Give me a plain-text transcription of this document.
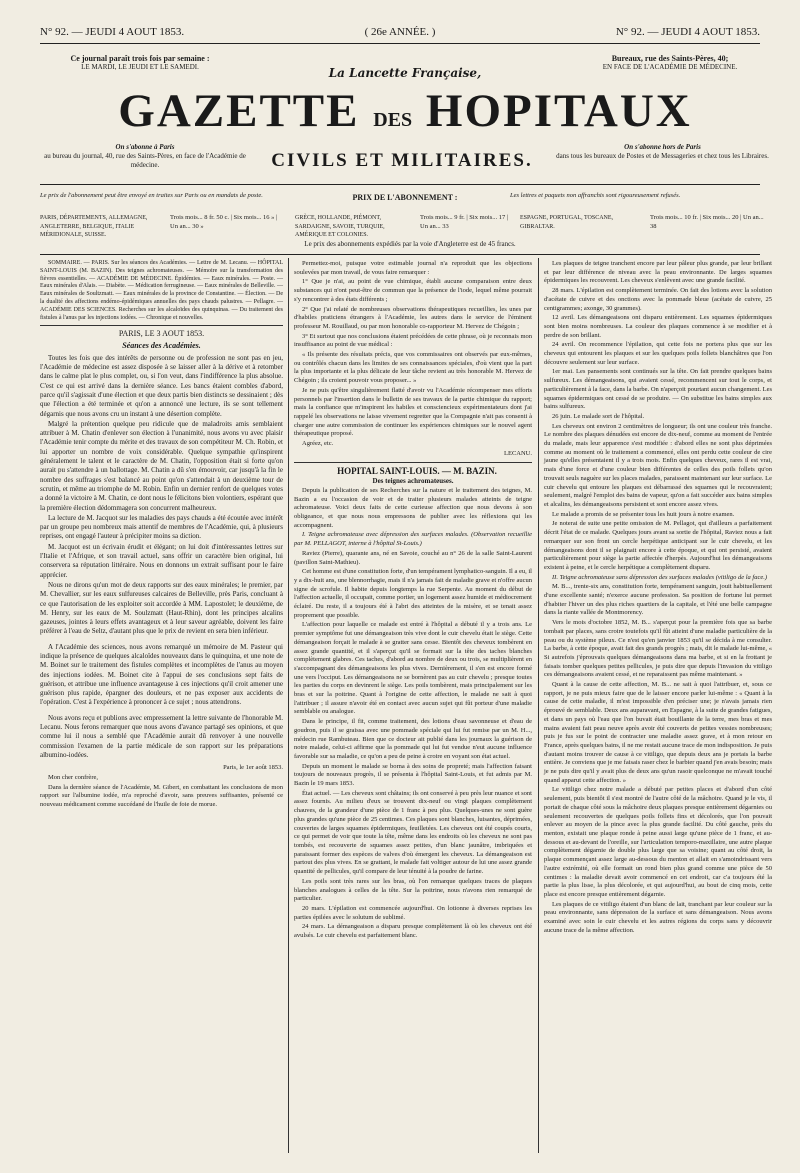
N° 92. — JEUDI 4 AOUT 1853.	( 26e ANNÉE. )	N° 92. — JEUDI 4 AOUT 1853.
Ce journal paraît trois fois par semaine :
LE MARDI, LE JEUDI ET LE SAMEDI.
Bureaux, rue des Saints-Pères, 40;
EN FACE DE L'ACADÉMIE DE MÉDECINE.
La Lancette Française,
GAZETTE DES HOPITAUX
CIVILS ET MILITAIRES.
On s'abonne à Paris
au bureau du journal, 40, rue des Saints-Pères, en face de l'Académie de médecine.
On s'abonne hors de Paris
dans tous les bureaux de Postes et de Messageries et chez tous les Libraires.
Le prix de l'abonnement peut être envoyé en traites sur Paris ou en mandats de poste.	PRIX DE L'ABONNEMENT :	Les lettres et paquets non affranchis sont rigoureusement refusés.
PARIS, DÉPARTEMENTS, ALLEMAGNE, ANGLETERRE, BELGIQUE, ITALIE MÉRIDIONALE, SUISSE.
Trois mois... 8 fr. 50 c. | Six mois... 16 » | Un an... 30 »
GRÈCE, HOLLANDE, PIÉMONT, SARDAIGNE, SAVOIE, TURQUIE, AMÉRIQUE ET COLONIES.
Trois mois... 9 fr. | Six mois... 17 | Un an... 33
ESPAGNE, PORTUGAL, TOSCANE, GIBRALTAR.
Trois mois... 10 fr. | Six mois... 20 | Un an... 38
Le prix des abonnements expédiés par la voie d'Angleterre est de 45 francs.

SOMMAIRE. — PARIS. Sur les séances des Académies. — Lettre de M. Lecanu. — HÔPITAL SAINT-LOUIS (M. BAZIN). Des teignes achromateuses. — Mémoire sur la transformation des fièvres essentielles. — ACADÉMIE DE MÉDECINE. Épidémies. — Eaux minérales. — Poste. — Eaux minérales d'Alais. — Diabète. — Médication ferrugineuse. — Eaux minérales de Belleville. — Eaux minérales de Soultzmatt. — Eaux minérales de la province de Constantine. — Élection. — De la dualité des affections endémo-épidémiques annuelles des pays chauds palustres. — Pellagre. — ACADÉMIE DES SCIENCES. Recherches sur les alcaloïdes des quinquinas. — Du traitement des fistules à l'anus par les injections iodées. — Chronique et nouvelles.

PARIS, LE 3 AOUT 1853.

Séances des Académies.

Toutes les fois que des intérêts de personne ou de profession ne sont pas en jeu, l'Académie de médecine est assez disposée à se laisser aller à la dérive et à retomber dans le calme plat le plus complet, ou, si l'on veut, dans l'indifférence la plus absolue. C'est ce qui est arrivé dans la dernière séance. Les bancs étaient combles d'abord, parce qu'il s'agissait d'une élection et que deux partis bien distincts se dessinaient ; dès que l'élection a été terminée et qu'on a annoncé une lecture, ils se sont tellement dégarnis que nous avons cru un instant à une désertion complète.

Malgré la prétention quelque peu ridicule que de maladroits amis semblaient attribuer à M. Chatin d'enlever son élection à l'unanimité, nous avons vu avec plaisir l'Académie tenir compte du mérite et des travaux de son compétiteur M. Ch. Robin, et lui apporter un nombre de voix considérable. Quelque sympathie qu'inspirent généralement le talent et le caractère de M. Chatin, l'opposition était si forte qu'on aurait pu s'attendre à un ballottage. M. Chatin a dû s'en émouvoir, car jusqu'à la fin le nombre des suffrages s'est balancé au point qu'on s'attendait à un deuxième tour de scrutin, et même au triomphe de M. Robin. Enfin un dernier renfort de quelques votes a donné la victoire à M. Chatin, ce dont nous le félicitons bien volontiers, espérant que la première élection dédommagera son concurrent malheureux.

La lecture de M. Jacquot sur les maladies des pays chauds a été écoutée avec intérêt par un groupe peu nombreux mais attentif de membres de l'Académie, qui, à plusieurs reprises, ont engagé l'auteur à précipiter moins sa diction.

M. Jacquot est un écrivain érudit et élégant; on lui doit d'intéressantes lettres sur l'Italie et l'Afrique, et son travail actuel, sans offrir un caractère bien original, lui conservera sa réputation littéraire. Nous en donnons un extrait suffisant pour le faire apprécier.

Nous ne dirons qu'un mot de deux rapports sur des eaux minérales; le premier, par M. Chevallier, sur les eaux sulfureuses calcaires de Belleville, près Paris, concluant à ce que l'autorisation de les exploiter soit accordée à MM. Lapostolet; le deuxième, de M. Henry, sur les eaux de M. Soulzmatt (Haut-Rhin), dont les principes alcalins gazeuses, jointes à leurs effets avantageux et à leur saveur agréable, doivent les faire préférer à l'eau de Seltz, d'autant plus que le prix de revient en sera bien inférieur.

A l'Académie des sciences, nous avons remarqué un mémoire de M. Pasteur qui indique la présence de quelques alcaloïdes nouveaux dans le quinquina, et une note de M. Boinet sur le traitement des fistules complètes et incomplètes de l'anus au moyen des injections iodées. M. Boinet cite à l'appui de ses conclusions sept faits de guérison, et attribue une influence avantageuse à ces injections qu'il croit amener une guérison plus rapide, épargner des douleurs, et ne pas exposer aux accidents de l'opération. C'est à l'expérience à prononcer à ce sujet ; nous attendrons.

Nous avons reçu et publions avec empressement la lettre suivante de l'honorable M. Lecanu. Nous ferons remarquer que nous avons d'avance partagé ses opinions, et que comme lui il nous a semblé que l'Académie aurait dû renvoyer à une nouvelle commission l'examen de la partie médicale de son rapport sur les préparations albumino-iodées.

Paris, le 1er août 1853.

Mon cher confrère,

Dans la dernière séance de l'Académie, M. Gibert, en combattant les conclusions de mon rapport sur l'albumine iodée, m'a reproché d'avoir, sans preuves suffisantes, présenté ce nouveau médicament comme succédané de l'huile de foie de morue.

Permettez-moi, puisque votre estimable journal n'a reproduit que les objections soulevées par mon travail, de vous faire remarquer :

1° Que je n'ai, au point de vue chimique, établi aucune comparaison entre deux substances qui n'ont peut-être de commun que la présence de l'iode, lequel même pourrait s'y rencontrer à des états différents ;

2° Que j'ai relaté de nombreuses observations thérapeutiques recueillies, les unes par d'habiles praticiens étrangers à l'Académie, les autres dans le service de l'éminent professeur M. Rouillaud, ou par mon honorable co-rapporteur M. Hervez de Chégoin ;

3° Et surtout que nos conclusions étaient précédées de cette phrase, où je reconnais mon insuffisance au point de vue médical :

« Ils présente des résultats précis, que vos commissaires ont observés par eux-mêmes, ou contrôlés chacun dans les limites de ses connaissances spéciales, d'où vient que la part la plus importante et la plus délicate de leur tâche revient au très honorable M. Hervez de Chégoin ; ils croient pouvoir vous proposer... »

Je ne puis qu'être singulièrement flatté d'avoir vu l'Académie récompenser mes efforts personnels par l'insertion dans le bulletin de ses travaux de la partie chimique du rapport; mais la confiance que m'inspirent les habiles et consciencieux expérimentateurs dont j'ai rappelé les observations ne laisse vivement regretter que la Compagnie n'ait pas consenti à charger une autre commission de continuer les expériences chimiques sur le nouvel agent thérapeutique proposé.

Agréez, etc.

LECANU.

HOPITAL SAINT-LOUIS. — M. BAZIN.

Des teignes achromateuses.

Depuis la publication de ses Recherches sur la nature et le traitement des teignes, M. Bazin a eu l'occasion de voir et de traiter plusieurs malades atteints de teigne achromateuse. Voici deux faits de cette curieuse affection que nous devons à son obligeance, et que nous nous empressons de publier avec les réflexions qui les accompagnent.

I. Teigne achromateuse avec dépression des surfaces malades. (Observation recueillie par M. PELLAGOT, interne à l'hôpital St-Louis.)

Raviez (Pierre), quarante ans, né en Savoie, couché au n° 26 de la salle Saint-Laurent (pavillon Saint-Mathieu).

Cet homme est d'une constitution forte, d'un tempérament lymphatico-sanguin. Il a eu, il y a dix-huit ans, une blennorrhagie, mais il n'a jamais fait de maladie grave et n'offre aucun signe de scrofule. Il habite depuis longtemps la rue Serpente. Au moment du début de l'affection actuelle, il occupait, comme portier, un logement assez humide et médiocrement éclairé. Du reste, il a toujours été à l'abri des atteintes de la misère, et se tenait assez proprement que possible.

L'affection pour laquelle ce malade est entré à l'hôpital a débuté il y a trois ans. Le premier symptôme fut une démangeaison très vive dont le cuir chevelu était le siège. Cette démangeaison forçait le malade à se gratter sans cesse. Bientôt des cheveux tombèrent en assez grande quantité, et il s'aperçut qu'il se formait sur la tête des taches blanches complètement glabres. Ces taches, d'abord au nombre de deux ou trois, se multiplièrent en s'accompagnant des démangeaisons les plus vives. Dernièrement, il s'en est encore formé une vers l'occiput. Les démangeaisons ne se bornèrent pas au cuir chevelu ; presque toutes les parties du corps en devinrent le siège. Les poils tombèrent, mais principalement sur les bras et sur la poitrine. Quant à l'origine de cette affection, le malade ne sait à quoi l'attribuer ; il assure n'avoir été en contact avec aucun sujet qui fût porteur d'une maladie semblable ou analogue.

Dans le principe, il fit, comme traitement, des lotions d'eau savonneuse et d'eau de goudron, puis il se graissa avec une pommade spéciale qui lui fut remise par un M. H..., médecin rue Rambuteau. Bien que ce docteur ait publié dans les journaux la guérison de notre malade, celui-ci affirme que la pommade qui lui fut vendue n'eut aucune influence favorable sur sa maladie, ce qu'on a peu de peine à croire en voyant son état actuel.

Depuis un moment le malade se borna à des soins de propreté; mais l'affection faisant toujours de nouveaux progrès, il se présenta à l'hôpital Saint-Louis, et fut admis par M. Bazin le 19 mars 1853.

État actuel. — Les cheveux sont châtains; ils ont conservé à peu près leur nuance et sont assez fournis. Au milieu d'eux se trouvent dix-neuf ou vingt plaques complètement chauves, de la grandeur d'une pièce de 1 franc à peu plus. Quelques-unes ne sont guère plus grandes qu'une pièce de 25 centimes. Ces plaques sont blanches, luisantes, déprimées, couvertes de larges squames épidermiques, feuilletées. Les cheveux ont été coupés courts, ce qui permet de voir que toute la tête, même dans les endroits où les cheveux ne sont pas tombés, est recouverte de squames assez petites, d'un blanc jaunâtre, imbriquées et paraissant former des espèces de valves d'où émergent les cheveux. La démangeaison est partout des plus vives. En se grattant, le malade fait voltiger autour de lui une assez grande quantité de pellicules, qu'il compare de leur ténuité à la poudre de farine.

Les poils sont très rares sur les bras, où l'on remarque quelques traces de plaques blanches analogues à celles de la tête. Sur la poitrine, nous n'avons rien remarqué de particulier.

20 mars. L'épilation est commencée aujourd'hui. On lotionne à diverses reprises les parties épilées avec le solutum de sublimé.

24 mars. La démangeaison a disparu presque complètement là où les cheveux ont été avulsés. Le cuir chevelu est parfaitement blanc.

Les plaques de teigne tranchent encore par leur pâleur plus grande, par leur brillant et par leur différence de niveau avec la peau environnante. De larges squames épidermiques les recouvrent. Les cheveux s'enlèvent avec une grande facilité.

28 mars. L'épilation est complètement terminée. On fait des lotions avec la solution d'acétate de cuivre et des onctions avec la pommade bleue (acétate de cuivre, 25 centigrammes; axonge, 30 grammes).

12 avril. Les démangeaisons ont disparu entièrement. Les squames épidermiques sont bien moins nombreuses. La couleur des plaques commence à se modifier et à perdre de son brillant.

24 avril. On recommence l'épilation, qui cette fois ne portera plus que sur les cheveux qui entourent les plaques et sur les quelques poils follets blanchâtres que l'on découvre seulement sur leur surface.

1er mai. Les pansements sont continués sur la tête. On fait prendre quelques bains sulfureux. Les démangeaisons, qui avaient cessé, recommencent sur tout le corps, et particulièrement à la face, dans la barbe. On n'aperçoit pourtant aucun changement. Les squames épidermiques ont cessé de se produire. — On substitue les bains simples aux bains sulfureux.

26 juin. Le malade sort de l'hôpital.

Les cheveux ont environ 2 centimètres de longueur; ils ont une couleur très franche. Le nombre des plaques dénudées est encore de dix-neuf, comme au moment de l'entrée du malade, mais leur apparence s'est modifiée : d'abord elles ne sont plus déprimées comme au moment où le traitement a commencé, elles ont perdu cette couleur de cire jaune qu'elles présentaient il y a trois mois. Enfin quelques cheveux, rares il est vrai, mais d'une force et d'une couleur bien différentes de celles des poils follets qu'on trouvait seuls naguère sur les places malades, paraissent maintenant sur leur surface. Le cuir chevelu qui entoure les plaques est débarrassé des squames qui le recouvraient; seulement, malgré l'emploi des bains de vapeur, qu'on a fait succéder aux bains simples et alcalins, les démangeaisons persistent et sont encore assez vives.

Le malade a promis de se présenter tous les huit jours à notre examen.

Je noterai de suite une petite omission de M. Pellagot, qui d'ailleurs a parfaitement décrit l'état de ce malade. Quelques jours avant sa sortie de l'hôpital, Raviez nous a fait remarquer sur son front un cercle herpétique anticipant sur le cuir chevelu, et les démangeaisons dont il se plaignait encore à cette époque, et qui ont persisté, avaient particulièrement pour siège la partie affectée d'herpès. Aujourd'hui les démangeaisons existent à peine, et le cercle herpétique a complètement disparu.

II. Teigne achromateuse sans dépression des surfaces malades (vitiligo de la face.)

M. B..., trente-six ans, constitution forte, tempérament sanguin, jouit habituellement d'une excellente santé; n'exerce aucune profession. Sa position de fortune lui permet d'habiter l'hiver un des plus riches quartiers de la capitale, et l'été une belle campagne dans la riante vallée de Montmorency.

Vers le mois d'octobre 1852, M. B... s'aperçut pour la première fois que sa barbe tombait par places, sans croire toutefois qu'il fût atteint d'une maladie particulière de la peau ou du système pileux. Ce n'est qu'en janvier 1853 qu'il se décida à me consulter. La barbe, à cette époque, avait fait des grands progrès ; mais, dit le malade lui-même, « Si autrefois j'éprouvais quelques démangeaisons dans ma barbe, et si en la frottant je faisais tomber quelques petites pellicules, je puis dire que depuis l'invasion du vitiligo ces démangeaisons avaient cessé, et ne reparaissent pas même maintenant. »

Quant à la cause de cette affection, M. B... ne sait à quoi l'attribuer, et, sous ce rapport, je ne puis mieux faire que de le laisser encore parler lui-même : « Quant à la cause de cette maladie, il m'est impossible d'en préciser une; je n'avais jamais rien éprouvé de semblable. Deux ans auparavant, en Espagne, à la suite de grandes fatigues, et dans un pays où l'eau que l'on buvait était bouillante de la terre, mes bras et mes mains avaient fait peau neuve après avoir été couverts de petites vessies nombreuses; puis je fus sur le point de contracter une maladie assez grave, et à mon retour en France, après quelques bains, il ne me restait aucune trace de mon indisposition. Je puis d'autant moins trouver de cause à ce vitiligo, que depuis deux ans je portais la barbe entière. Je conviens que je me faisais raser chez le barbier quand j'en avais besoin; mais je ne puis dire qu'il y avait plus de deux ans qu'un rasoir quelconque ne m'avait touché quand apparut cette affection. »

Le vitiligo chez notre malade a débuté par petites places et d'abord d'un côté seulement, puis bientôt il s'est montré de l'autre côté de la mâchoire. Quand je le vis, il portait de chaque côté sous la mâchoire deux plaques presque entièrement dégarnies ou seulement recouvertes de quelques poils follets fins et décolorés, que l'on pouvait enlever au moyen de la pince avec la plus grande facilité. Du côté gauche, près du menton, existait une plaque ronde à peine aussi large qu'une pièce de 1 franc, et au-dessous et au-devant de l'oreille, sur l'articulation temporo-maxillaire, une autre plaque complètement dégarnie de double plus large que sa voisine; quant au côté droit, la plaque commençant assez large au-dessous du menton et allait en s'amoindrissant vers l'autre extrémité, où elle formait un rond bien plus grand comme une pièce de 50 centimes : la maladie devait avoir commencé en cet endroit, car c'a toujours été la partie la plus lisse, la plus décolorée, et qui aujourd'hui, au bout de cinq mois, cette place est encore presque entièrement dégarnie.

Les plaques de ce vitiligo étaient d'un blanc de lait, tranchant par leur couleur sur la peau environnante, sans dépression de la surface et sans démangeaison. Nous avons examiné avec soin le cuir chevelu et les autres régions du corps sans y découvrir aucune trace de la même affection.
